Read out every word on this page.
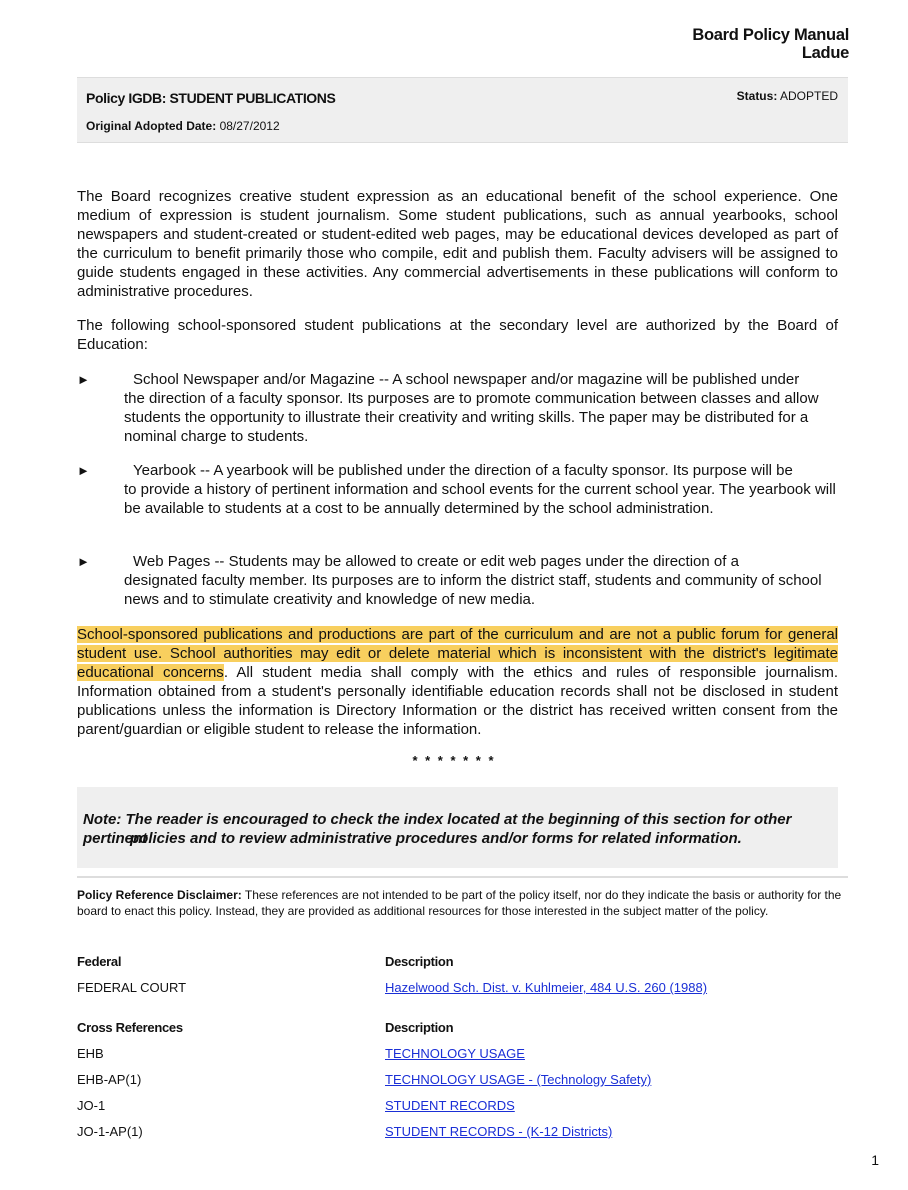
Board Policy Manual
Ladue
Policy IGDB: STUDENT PUBLICATIONS	Status: ADOPTED
Original Adopted Date: 08/27/2012
The Board recognizes creative student expression as an educational benefit of the school experience. One medium of expression is student journalism. Some student publications, such as annual yearbooks, school newspapers and student-created or student-edited web pages, may be educational devices developed as part of the curriculum to benefit primarily those who compile, edit and publish them. Faculty advisers will be assigned to guide students engaged in these activities. Any commercial advertisements in these publications will conform to administrative procedures.
The following school-sponsored student publications at the secondary level are authorized by the Board of Education:
►	School Newspaper and/or Magazine -- A school newspaper and/or magazine will be published under
the direction of a faculty sponsor. Its purposes are to promote communication between classes and allow students the opportunity to illustrate their creativity and writing skills. The paper may be distributed for a nominal charge to students.
►	Yearbook -- A yearbook will be published under the direction of a faculty sponsor. Its purpose will be
to provide a history of pertinent information and school events for the current school year. The yearbook will be available to students at a cost to be annually determined by the school administration.
►	Web Pages -- Students may be allowed to create or edit web pages under the direction of a
designated faculty member. Its purposes are to inform the district staff, students and community of school news and to stimulate creativity and knowledge of new media.
School-sponsored publications and productions are part of the curriculum and are not a public forum for general student use. School authorities may edit or delete material which is inconsistent with the district's legitimate educational concerns. All student media shall comply with the ethics and rules of responsible journalism. Information obtained from a student's personally identifiable education records shall not be disclosed in student publications unless the information is Directory Information or the district has received written consent from the parent/guardian or eligible student to release the information.
* * * * * * *
Note: The reader is encouraged to check the index located at the beginning of this section for other pertinent
policies and to review administrative procedures and/or forms for related information.
Policy Reference Disclaimer: These references are not intended to be part of the policy itself, nor do they indicate the basis or authority for the board to enact this policy. Instead, they are provided as additional resources for those interested in the subject matter of the policy.
Federal	Description
FEDERAL COURT	Hazelwood Sch. Dist. v. Kuhlmeier, 484 U.S. 260 (1988)
Cross References	Description
EHB	TECHNOLOGY USAGE
EHB-AP(1)	TECHNOLOGY USAGE - (Technology Safety)
JO-1	STUDENT RECORDS
JO-1-AP(1)	STUDENT RECORDS - (K-12 Districts)
1
